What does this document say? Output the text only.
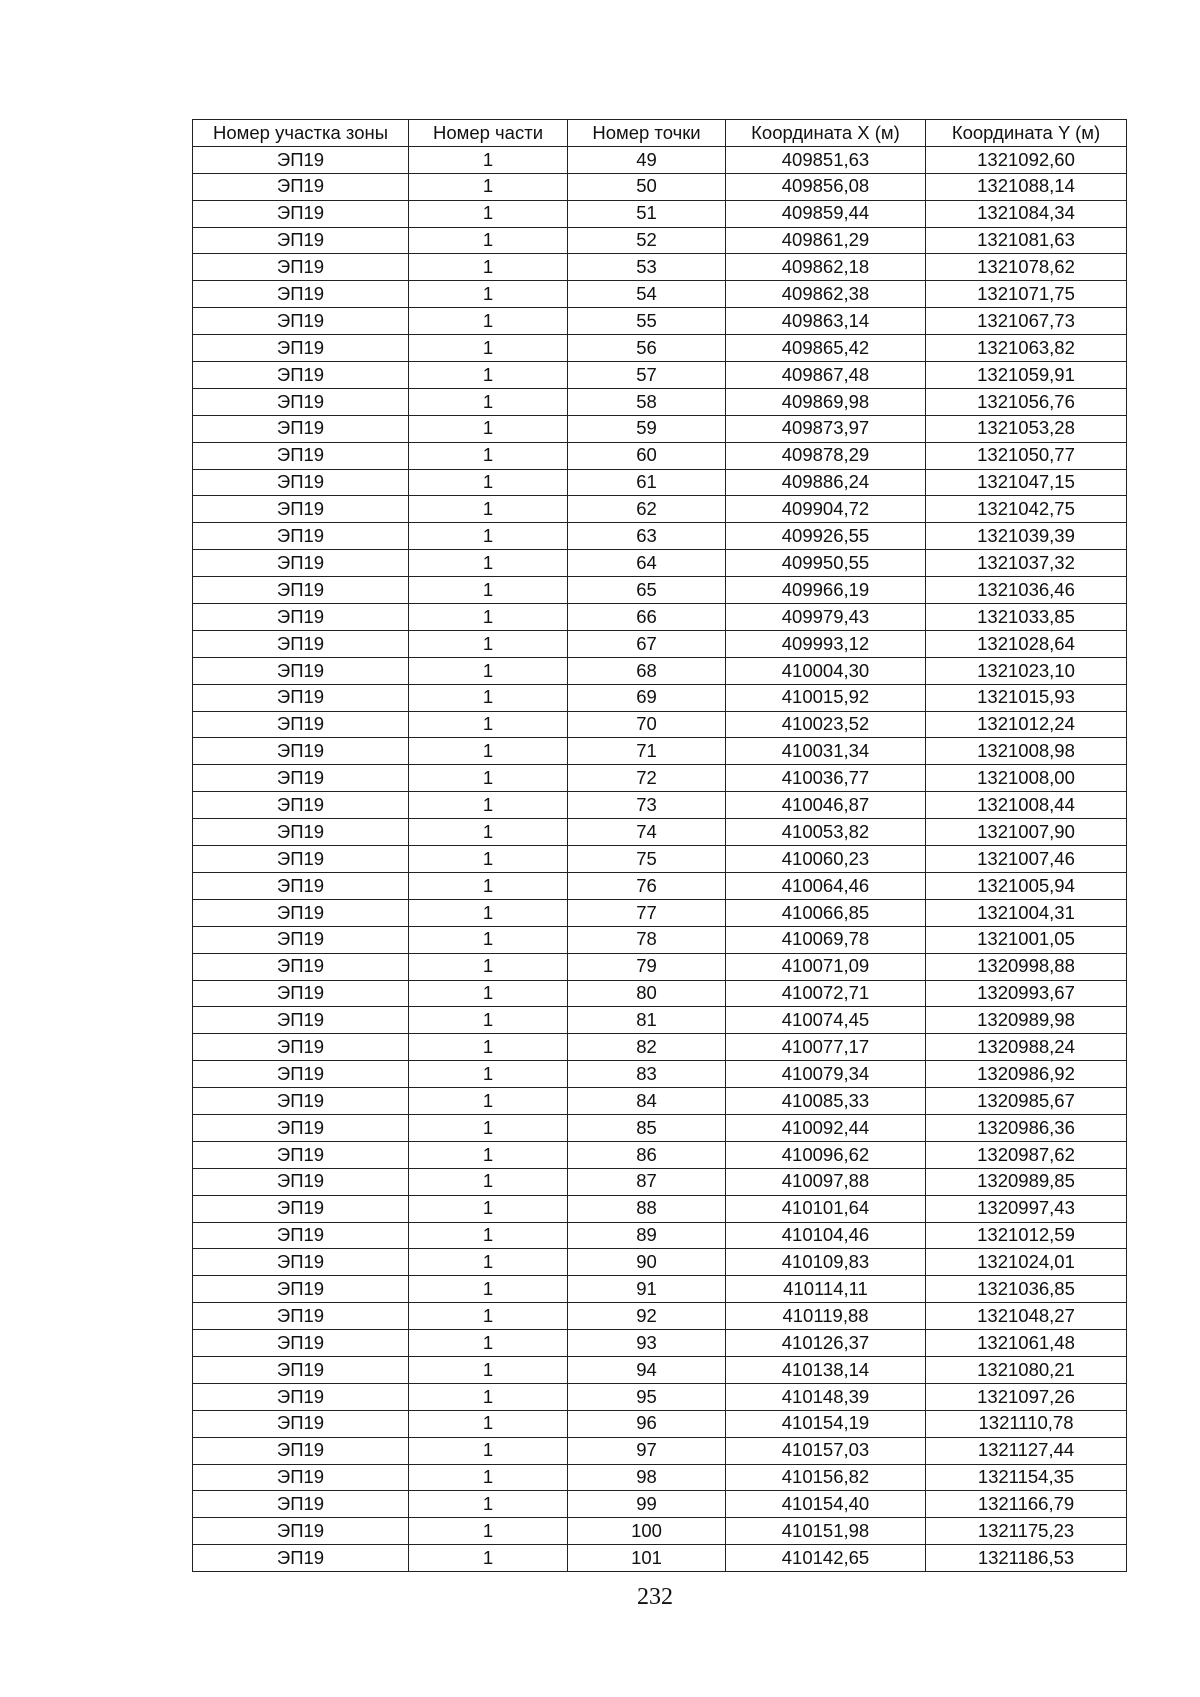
Номер участка зоны	Номер части	Номер точки	Координата X (м)	Координата Y (м)
ЭП19	1	49	409851,63	1321092,60
ЭП19	1	50	409856,08	1321088,14
ЭП19	1	51	409859,44	1321084,34
ЭП19	1	52	409861,29	1321081,63
ЭП19	1	53	409862,18	1321078,62
ЭП19	1	54	409862,38	1321071,75
ЭП19	1	55	409863,14	1321067,73
ЭП19	1	56	409865,42	1321063,82
ЭП19	1	57	409867,48	1321059,91
ЭП19	1	58	409869,98	1321056,76
ЭП19	1	59	409873,97	1321053,28
ЭП19	1	60	409878,29	1321050,77
ЭП19	1	61	409886,24	1321047,15
ЭП19	1	62	409904,72	1321042,75
ЭП19	1	63	409926,55	1321039,39
ЭП19	1	64	409950,55	1321037,32
ЭП19	1	65	409966,19	1321036,46
ЭП19	1	66	409979,43	1321033,85
ЭП19	1	67	409993,12	1321028,64
ЭП19	1	68	410004,30	1321023,10
ЭП19	1	69	410015,92	1321015,93
ЭП19	1	70	410023,52	1321012,24
ЭП19	1	71	410031,34	1321008,98
ЭП19	1	72	410036,77	1321008,00
ЭП19	1	73	410046,87	1321008,44
ЭП19	1	74	410053,82	1321007,90
ЭП19	1	75	410060,23	1321007,46
ЭП19	1	76	410064,46	1321005,94
ЭП19	1	77	410066,85	1321004,31
ЭП19	1	78	410069,78	1321001,05
ЭП19	1	79	410071,09	1320998,88
ЭП19	1	80	410072,71	1320993,67
ЭП19	1	81	410074,45	1320989,98
ЭП19	1	82	410077,17	1320988,24
ЭП19	1	83	410079,34	1320986,92
ЭП19	1	84	410085,33	1320985,67
ЭП19	1	85	410092,44	1320986,36
ЭП19	1	86	410096,62	1320987,62
ЭП19	1	87	410097,88	1320989,85
ЭП19	1	88	410101,64	1320997,43
ЭП19	1	89	410104,46	1321012,59
ЭП19	1	90	410109,83	1321024,01
ЭП19	1	91	410114,11	1321036,85
ЭП19	1	92	410119,88	1321048,27
ЭП19	1	93	410126,37	1321061,48
ЭП19	1	94	410138,14	1321080,21
ЭП19	1	95	410148,39	1321097,26
ЭП19	1	96	410154,19	1321110,78
ЭП19	1	97	410157,03	1321127,44
ЭП19	1	98	410156,82	1321154,35
ЭП19	1	99	410154,40	1321166,79
ЭП19	1	100	410151,98	1321175,23
ЭП19	1	101	410142,65	1321186,53
232
